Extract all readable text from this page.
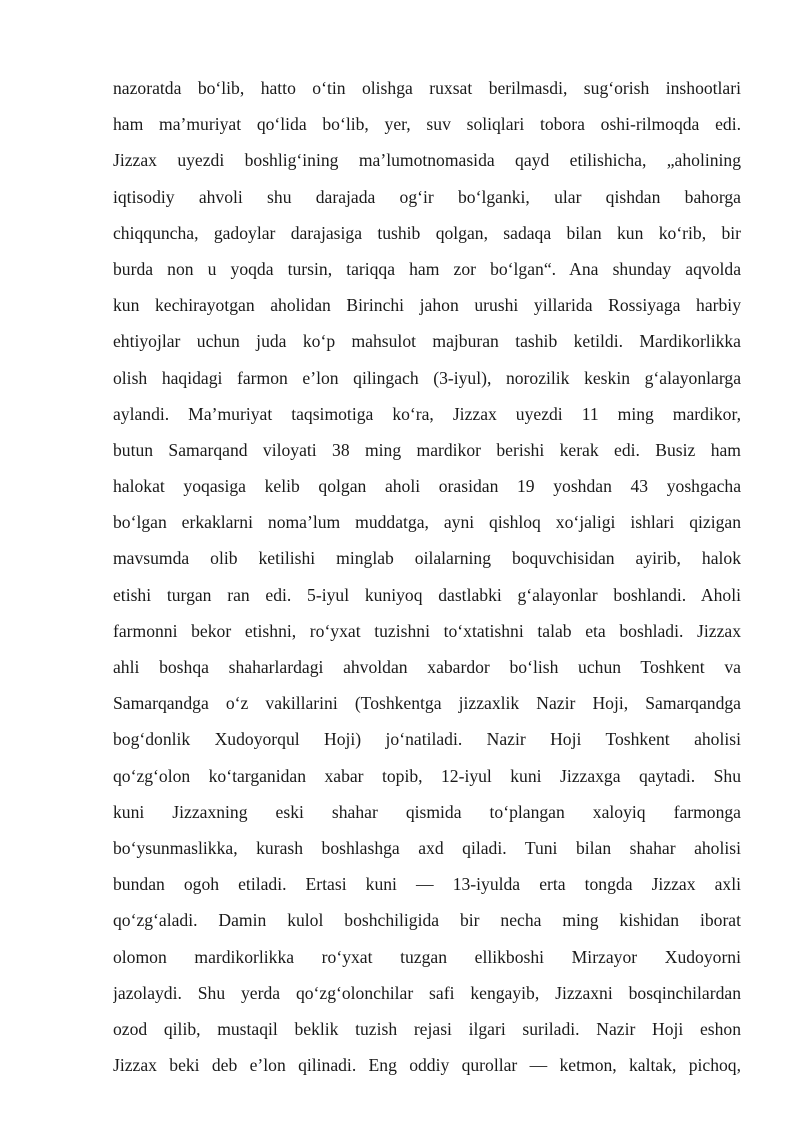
nazoratda bo‘lib, hatto o‘tin olishga ruxsat berilmasdi, sug‘orish inshootlari
ham ma’muriyat qo‘lida bo‘lib, yer, suv soliqlari tobora oshi-rilmoqda edi.
Jizzax uyezdi boshlig‘ining ma’lumotnomasida qayd etilishicha, „aholining
iqtisodiy ahvoli shu darajada og‘ir bo‘lganki, ular qishdan bahorga
chiqquncha, gadoylar darajasiga tushib qolgan, sadaqa bilan kun ko‘rib, bir
burda non u yoqda tursin, tariqqa ham zor bo‘lgan“. Ana shunday aqvolda
kun kechirayotgan aholidan Birinchi jahon urushi yillarida Rossiyaga harbiy
ehtiyojlar uchun juda ko‘p mahsulot majburan tashib ketildi. Mardikorlikka
olish haqidagi farmon e’lon qilingach (3-iyul), norozilik keskin g‘alayonlarga
aylandi. Ma’muriyat taqsimotiga ko‘ra, Jizzax uyezdi 11 ming mardikor,
butun Samarqand viloyati 38 ming mardikor berishi kerak edi. Busiz ham
halokat yoqasiga kelib qolgan aholi orasidan 19 yoshdan 43 yoshgacha
bo‘lgan erkaklarni noma’lum muddatga, ayni qishloq xo‘jaligi ishlari qizigan
mavsumda olib ketilishi minglab oilalarning boquvchisidan ayirib, halok
etishi turgan ran edi. 5-iyul kuniyoq dastlabki g‘alayonlar boshlandi. Aholi
farmonni bekor etishni, ro‘yxat tuzishni to‘xtatishni talab eta boshladi. Jizzax
ahli boshqa shaharlardagi ahvoldan xabardor bo‘lish uchun Toshkent va
Samarqandga o‘z vakillarini (Toshkentga jizzaxlik Nazir Hoji, Samarqandga
bog‘donlik Xudoyorqul Hoji) jo‘natiladi. Nazir Hoji Toshkent aholisi
qo‘zg‘olon ko‘targanidan xabar topib, 12-iyul kuni Jizzaxga qaytadi. Shu
kuni Jizzaxning eski shahar qismida to‘plangan xaloyiq farmonga
bo‘ysunmaslikka, kurash boshlashga axd qiladi. Tuni bilan shahar aholisi
bundan ogoh etiladi. Ertasi kuni — 13-iyulda erta tongda Jizzax axli
qo‘zg‘aladi. Damin kulol boshchiligida bir necha ming kishidan iborat
olomon mardikorlikka ro‘yxat tuzgan ellikboshi Mirzayor Xudoyorni
jazolaydi. Shu yerda qo‘zg‘olonchilar safi kengayib, Jizzaxni bosqinchilardan
ozod qilib, mustaqil beklik tuzish rejasi ilgari suriladi. Nazir Hoji eshon
Jizzax beki deb e’lon qilinadi. Eng oddiy qurollar — ketmon, kaltak, pichoq,
